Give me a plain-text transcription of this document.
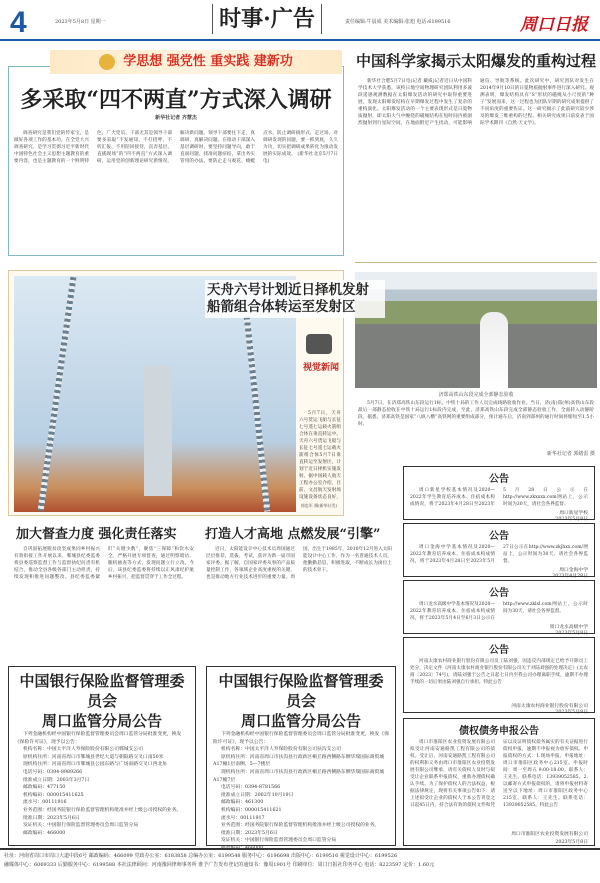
4	2023年5月8日 星期一	时事·广告	责任编辑:牛晨成 美术编辑:张旭 电话:6199516	周口日报
学思想 强党性 重实践 建新功
多采取“四不两直”方式深入调研
新华社记者 齐慧杰
调查研究是我们党的传家宝，是做好各项工作的基本功。在全党大兴调查研究，是学习贯彻习近平新时代中国特色社会主义思想主题教育的重要内容，也是主题教育的一个鲜明特色。广大党员、干部尤其是领导干部要多采取“不发通知、不打招呼、不听汇报、不用陪同接待，直奔基层、直插现场”的“四不两直”方式深入调研，运用党的创新理论研究新情况、解决新问题。领导干部要往下走，真调研、真解决问题。在推动干部深入基层调研时，要坚持问题导向，敢于直面问题，找准问题症结，拿出务实管用的办法。要防止走马观花、蜻蜓点水，防止调研搞形式、走过场。对调研发现的问题，要一抓到底，久久为功，切实把调研成果转化为推动发展的实际成效。 (新华社北京5月7日电)
中国科学家揭示太阳爆发的重构过程
新华社合肥5月7日电(记者 戴威)记者近日从中国科学技术大学获悉，该校日地空间物理研究团队利用多波段遥感观测数据在太阳爆发活动的研究中取得重要进展，发现太阳爆发结构在早期爆发过程中发生了复杂的重构演化。太阳爆发活动的一个主要表现形式是日冕物质抛射，即太阳大气中缠绕的磁绳结构在短时间内被剧烈抛射到行星际空间，在地面附近产生扰动，可能影响通信、导航等系统。此次研究中，研究团队对发生在2014年9月10日的日冕物质抛射事件进行深入研究。观测表明，爆发结构具有“S”形状的磁绳从小尺度的“种子”发展而来，这一过程也为团队早期的研究成果提供了不同角度的重要佐证。这一研究揭示了此前研究较少涉及的爆发三维重构的过程。相关研究成果日前发表于国际学术期刊《自然·天文学》。
济郑高铁山东段完成全部静态验收
5月7日，在济郑高铁山东段运行1标，中铁十局的工作人员完成线路验收作业。当日，济(南)郑(州)高铁山东段最后一部静态验收在中铁十局运行1标段内完成，至此，济郑高铁山东段完成全部静态验收工作，全面转入动静阶段。据悉，济郑高铁是国家“八纵八横”高铁网的重要组成部分，预计通车后，济南到郑州的通行时间将缩短至1.5小时。
新华社记者 郭绪雷 摄
天舟六号计划近日择机发射
船箭组合体转运至发射区
视觉新闻
5月7日，天舟六号货运飞船与长征七号遥七运载火箭组合体在垂直转运中。天舟六号货运飞船与长征七号遥七运载火箭组合体5月7日垂直转运至发射区，计划于近日择机实施发射。据中国载人航天工程办公室介绍，目前，文昌航天发射场设施设备状态良好，
郭忠军 摄(新华社发)
加大督查力度 强化责任落实
自巩固拓展脱贫攻坚成果同乡村振兴有效衔接工作开展以来，郸城县纪委监委将县委巡察监督工作与监督执纪问责有机结合，推动全县各级各部门主动担责，持续发现和推进问题整改。县纪委监委紧盯“关键少数”，聚焦“三保障”和饮水安全，严格开展专项督查，通过明察暗访、随机抽查等方式，发现问题立行立改。今后，该县纪委监委将持续以正风肃纪护航乡村振兴，把监督贯穿于工作全过程。
打造人才高地 点燃发展“引擎”
近日，太阳能设计中心技术员周国通过层层推荐、选拔、考试，获评为新一届市国家评委。据了解，自国家评委从事的产品质量控制工作，各领域企业高度重视的关键，也是推动地方行业技术进步的重要力量。周国，出生于1985年，2010年12月进入太阳能设计中心工作，作为一名普通技术人员，他勤勤恳恳，积极进取，不断成长为岗位上的技术骨干。
中国银行保险监督管理委员会
周口监管分局公告
下列金融机构经中国银行保险监督管理委员会周口监管分局批准变更，换发《保险许可证》，现予以公告：
机构名称：中国太平洋人寿保险股份有限公司郸城支公司
原机构住所：河南省周口市郸城县世纪大道与朝阳路交叉口南50米
现机构住所：河南省周口市郸城县公园东路与广场南路交叉口西北角
电话号码：0394-8989266
批准成立日期：2003年3月7日
邮政编码：477150
机构编码：000015411625
流水号：00111916
业务范围：经国务院银行保险监督管理机构批准并经上级公司授权的业务。
批准日期：2023年5月6日
发证机关：中国银行保险监督管理委员会周口监管分局
邮政编码：466000
中国银行保险监督管理委员会
周口监管分局公告
下列金融机构经中国银行保险监督管理委员会周口监管分局批准变更，换发《保险许可证》，现予以公告：
机构名称：中国太平洋人寿保险股份有限公司扶沟支公司
原机构住所：河南省周口市扶沟县行政新区桐丘路西侧路东侧华瑞国际商贸城A17幢1层南侧、5—7楼层
现机构住所：河南省周口市扶沟县行政新区桐丘路西侧路东侧华瑞国际商贸城A17幢7层
电话号码：0394-8781566
批准成立日期：2002年10月19日
邮政编码：461300
机构编码：000015411621
流水号：00111917
业务范围：经国务院银行保险监督管理机构批准并经上级公司授权的业务。
批准日期：2023年5月6日
发证机关：中国银行保险监督管理委员会周口监管分局
邮政编码：466000
公告
周口新星学校基本情况及2020—2022年学生教育培养成本、住宿成本构成情况，将于2023年4月28日至2023年5月28日公示在http://www.zkxxxx.com网站上，公示时间为30天，请社会各界监督。
周口新星学校
2023年5月8日
公告
周口金海中学基本情况及2020—2022年教育培养成本、住宿成本构成情况，将于2023年4月28日至2023年5月27日公示在http://www.zkjhxx.com/网站上，公示时间为30天，请社会各界监督。
周口金海中学
2023年4月28日
公告
周口龙水高级中学基本情况及2020—2022年教育培养成本、住宿成本构成情况，将于2023年5月4日至6月3日公示在http://www.zklsl.com网站上，公示时间为30天，请社会各界监督。
周口龙水高级中学
2023年5月8日
公告
河南太康农村商业银行股份有限公司员工陆刘强，因违反内部规定已给予开除员工处分，决定文件《河南太康农村商业银行股份有限公司关于对陆刘强的处理决定》(太农商〔2023〕74号)，请陆刘强于公告之日起七日内至我公司办理离职手续，逾期不办理手续的一切后果由陆刘强自行承担。特此公告
河南太康农村商业银行股份有限公司
2023年5月8日
债权债务申报公告
周口市淮阳区农业投资发展有限公司拟受让河南安通路凯工程有限公司的债权。受让后，河南安通路凯工程有限公司的权利和义务由周口市淮阳区农业投资发展有限公司继承，请有关债权人及时与拟受让企业联系申报债权，重新办理债权确认手续。为了保护债权人的合法权益，根据法律规定，现将有关事项公告如下：请上述拟受让企业的债权人于本公告刊登之日起45日内，持合法有效的债权文件和凭证以及证明债权债务属实的有关证据进行债权申报，逾期不申报视为放弃债权。申报债权的方式：1.现场申报。申报地址：周口市淮阳区政务中心215室。申报时间：周一至周五 9:00-18:00。联系人：王先生。联系电话：13939052585。2.以邮寄方式申报债权的，请将申报材料寄送至以下地址：周口市淮阳区政务中心215室。联系人：王先生。联系电话：13939052585。特此公告
周口市淮阳区农业投资发展有限公司
2023年5月8日
社址：河南省周口市周口大道中段6号 邮政编码：466099 党政办公室：6183858 总编办公室：6199548 服务中心：6196698 出版中心：6199516 視觉设计中心：6199526
融媒体中心：6069333 后勤服务中心：6199588 本社法律顾问：河南豫回律师事务所 淮予广告发布登记的通知书：豫周1901号 印刷单位：周口日报社印务中心 电话：8223597 定价：1.60元
